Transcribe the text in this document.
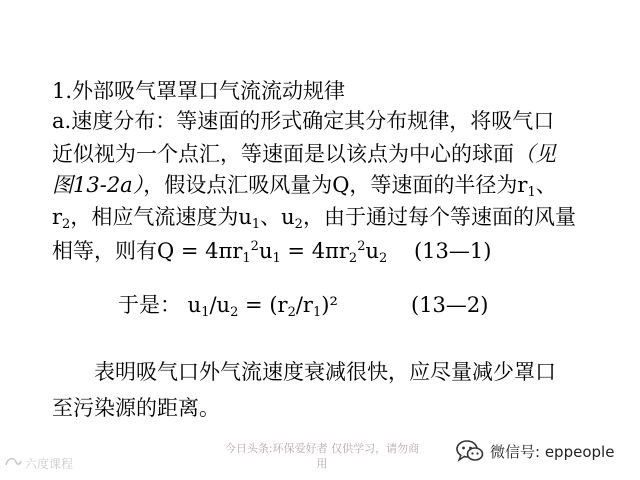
1.外部吸气罩罩口气流流动规律
a.速度分布：等速面的形式确定其分布规律，将吸气口
近似视为一个点汇，等速面是以该点为中心的球面（见
图13-2a），假设点汇吸风量为Q，等速面的半径为$r_1$、
$r_2$，相应气流速度为$u_1$、$u_2$，由于通过每个等速面的风量
相等，则有$Q = 4\pi r_1^2u_1 = 4\pi r_2^2u_2$    (13—1)
于是： $u_1/u_2 = (r_2/r_1)^2$	(13—2)
表明吸气口外气流速度衰减很快，应尽量减少罩口
至污染源的距离。
今日头条:环保爱好者 仅供学习，请勿商
用
微信号: eppeople
六度课程
